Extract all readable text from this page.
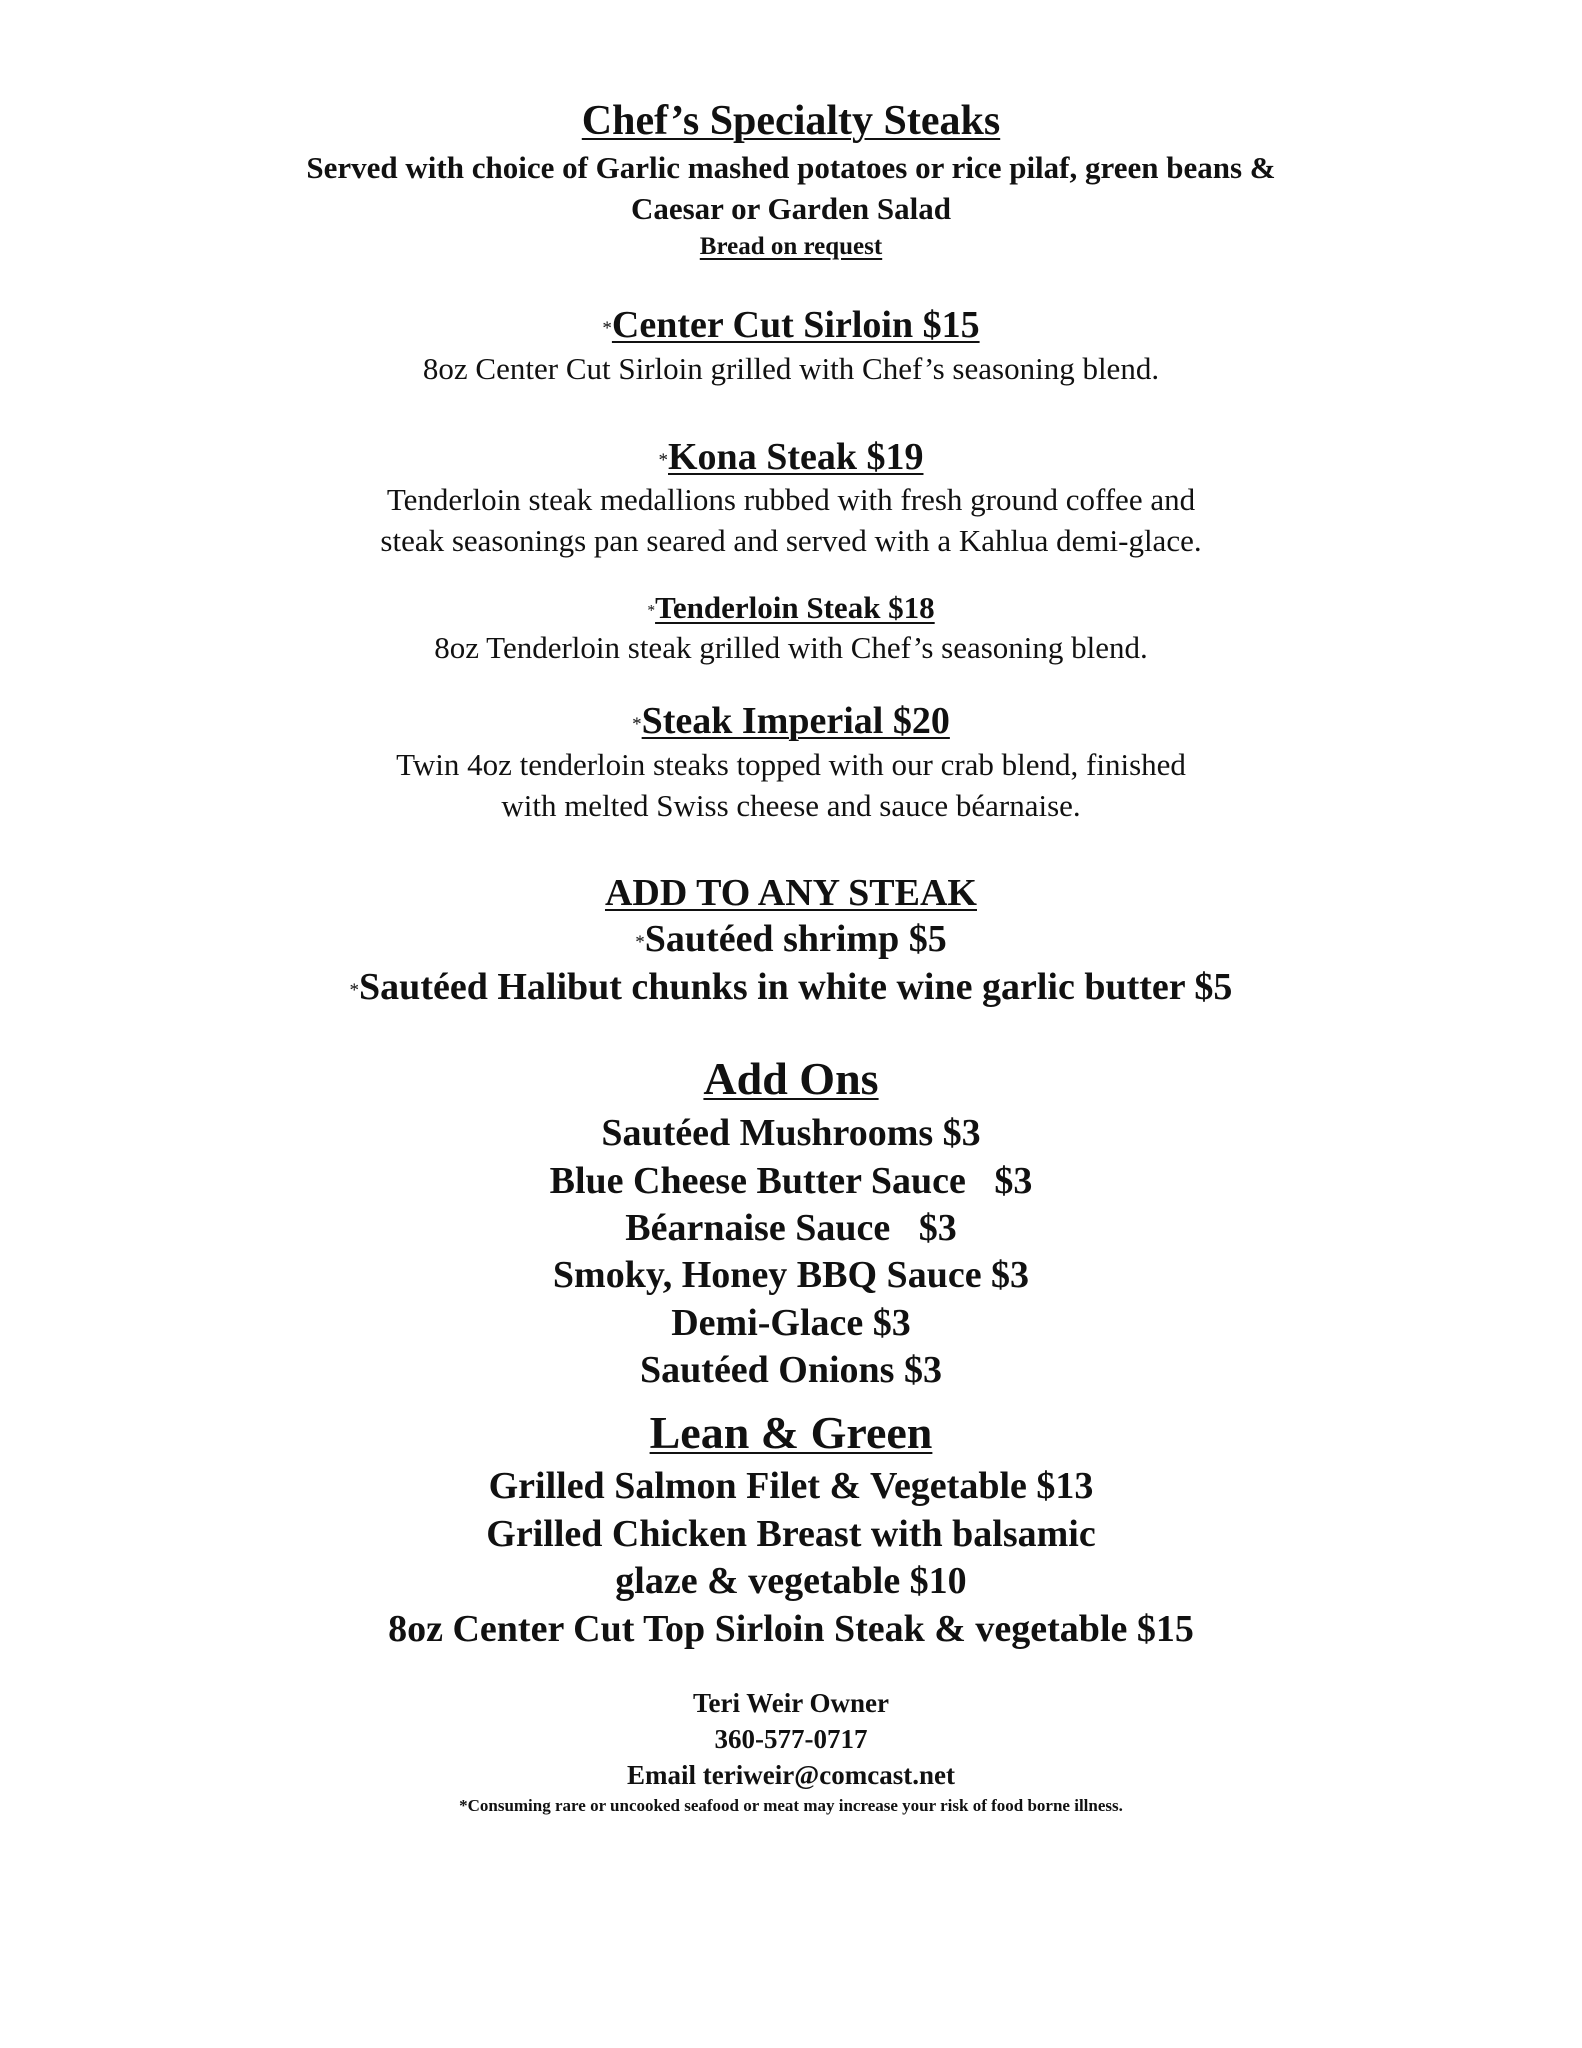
Chef’s Specialty Steaks
Served with choice of Garlic mashed potatoes or rice pilaf, green beans &
Caesar or Garden Salad
Bread on request
*Center Cut Sirloin $15
8oz Center Cut Sirloin grilled with Chef’s seasoning blend.
*Kona Steak $19
Tenderloin steak medallions rubbed with fresh ground coffee and
steak seasonings pan seared and served with a Kahlua demi-glace.
*Tenderloin Steak $18
8oz Tenderloin steak grilled with Chef’s seasoning blend.
*Steak Imperial $20
Twin 4oz tenderloin steaks topped with our crab blend, finished
with melted Swiss cheese and sauce béarnaise.
ADD TO ANY STEAK
*Sautéed shrimp $5
*Sautéed Halibut chunks in white wine garlic butter $5
Add Ons
Sautéed Mushrooms $3
Blue Cheese Butter Sauce   $3
Béarnaise Sauce   $3
Smoky, Honey BBQ Sauce $3
Demi-Glace $3
Sautéed Onions $3
Lean & Green
Grilled Salmon Filet & Vegetable $13
Grilled Chicken Breast with balsamic
glaze & vegetable $10
8oz Center Cut Top Sirloin Steak & vegetable $15
Teri Weir Owner
360-577-0717
Email teriweir@comcast.net
*Consuming rare or uncooked seafood or meat may increase your risk of food borne illness.
